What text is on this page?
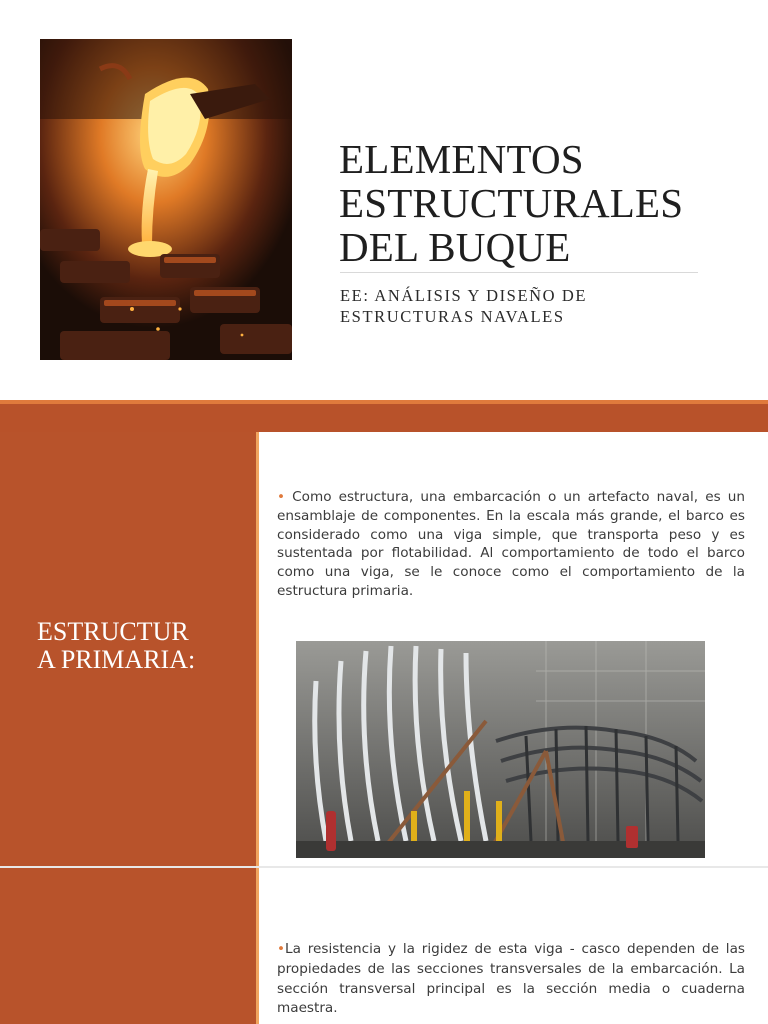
ELEMENTOS
ESTRUCTURALES
DEL BUQUE
EE: ANÁLISIS Y DISEÑO DE
ESTRUCTURAS NAVALES
ESTRUCTUR
A PRIMARIA:

• Como estructura, una embarcación o un artefacto naval, es un ensamblaje de componentes. En la escala más grande, el barco es considerado como una viga simple, que transporta peso y es sustentada por flotabilidad. Al comportamiento de todo el barco como una viga, se le conoce como el comportamiento de la estructura primaria.

•La resistencia y la rigidez de esta viga - casco dependen de las propiedades de las secciones transversales de la embarcación. La sección transversal principal es la sección media o cuaderna maestra.
